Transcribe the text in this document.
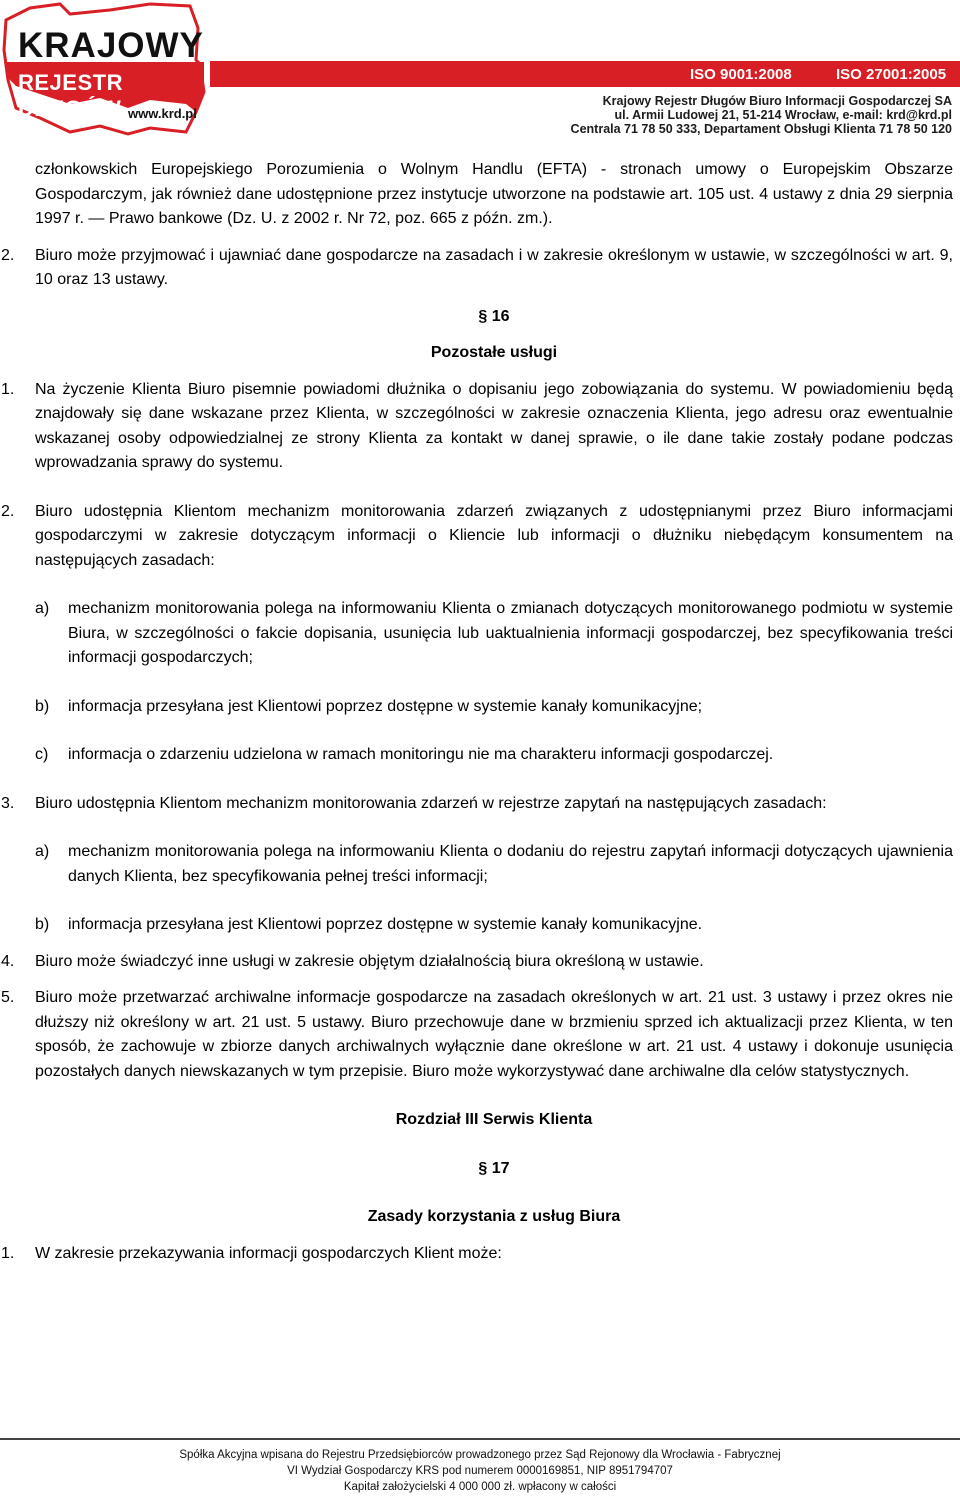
KRAJOWY
REJESTR DŁUGÓW www.krd.pl
ISO 9001:2008	ISO 27001:2005
Krajowy Rejestr Długów Biuro Informacji Gospodarczej SA
ul. Armii Ludowej 21, 51-214 Wrocław, e-mail: krd@krd.pl
Centrala 71 78 50 333, Departament Obsługi Klienta 71 78 50 120
członkowskich Europejskiego Porozumienia o Wolnym Handlu (EFTA) - stronach umowy o Europejskim Obszarze Gospodarczym, jak również dane udostępnione przez instytucje utworzone na podstawie art. 105 ust. 4 ustawy z dnia 29 sierpnia 1997 r. — Prawo bankowe (Dz. U. z 2002 r. Nr 72, poz. 665 z późn. zm.).
2. Biuro może przyjmować i ujawniać dane gospodarcze na zasadach i w zakresie określonym w ustawie, w szczególności w art. 9, 10 oraz 13 ustawy.
§ 16
Pozostałe usługi
1. Na życzenie Klienta Biuro pisemnie powiadomi dłużnika o dopisaniu jego zobowiązania do systemu. W powiadomieniu będą znajdowały się dane wskazane przez Klienta, w szczególności w zakresie oznaczenia Klienta, jego adresu oraz ewentualnie wskazanej osoby odpowiedzialnej ze strony Klienta za kontakt w danej sprawie, o ile dane takie zostały podane podczas wprowadzania sprawy do systemu.
2. Biuro udostępnia Klientom mechanizm monitorowania zdarzeń związanych z udostępnianymi przez Biuro informacjami gospodarczymi w zakresie dotyczącym informacji o Kliencie lub informacji o dłużniku niebędącym konsumentem na następujących zasadach:
a) mechanizm monitorowania polega na informowaniu Klienta o zmianach dotyczących monitorowanego podmiotu w systemie Biura, w szczególności o fakcie dopisania, usunięcia lub uaktualnienia informacji gospodarczej, bez specyfikowania treści informacji gospodarczych;
b) informacja przesyłana jest Klientowi poprzez dostępne w systemie kanały komunikacyjne;
c) informacja o zdarzeniu udzielona w ramach monitoringu nie ma charakteru informacji gospodarczej.
3. Biuro udostępnia Klientom mechanizm monitorowania zdarzeń w rejestrze zapytań na następujących zasadach:
a) mechanizm monitorowania polega na informowaniu Klienta o dodaniu do rejestru zapytań informacji dotyczących ujawnienia danych Klienta, bez specyfikowania pełnej treści informacji;
b) informacja przesyłana jest Klientowi poprzez dostępne w systemie kanały komunikacyjne.
4. Biuro może świadczyć inne usługi w zakresie objętym działalnością biura określoną w ustawie.
5. Biuro może przetwarzać archiwalne informacje gospodarcze na zasadach określonych w art. 21 ust. 3 ustawy i przez okres nie dłuższy niż określony w art. 21 ust. 5 ustawy. Biuro przechowuje dane w brzmieniu sprzed ich aktualizacji przez Klienta, w ten sposób, że zachowuje w zbiorze danych archiwalnych wyłącznie dane określone w art. 21 ust. 4 ustawy i dokonuje usunięcia pozostałych danych niewskazanych w tym przepisie. Biuro może wykorzystywać dane archiwalne dla celów statystycznych.
Rozdział III Serwis Klienta
§ 17
Zasady korzystania z usług Biura
1. W zakresie przekazywania informacji gospodarczych Klient może:
Spółka Akcyjna wpisana do Rejestru Przedsiębiorców prowadzonego przez Sąd Rejonowy dla Wrocławia - Fabrycznej
VI Wydział Gospodarczy KRS pod numerem 0000169851, NIP 8951794707
Kapitał założycielski 4 000 000 zł. wpłacony w całości
